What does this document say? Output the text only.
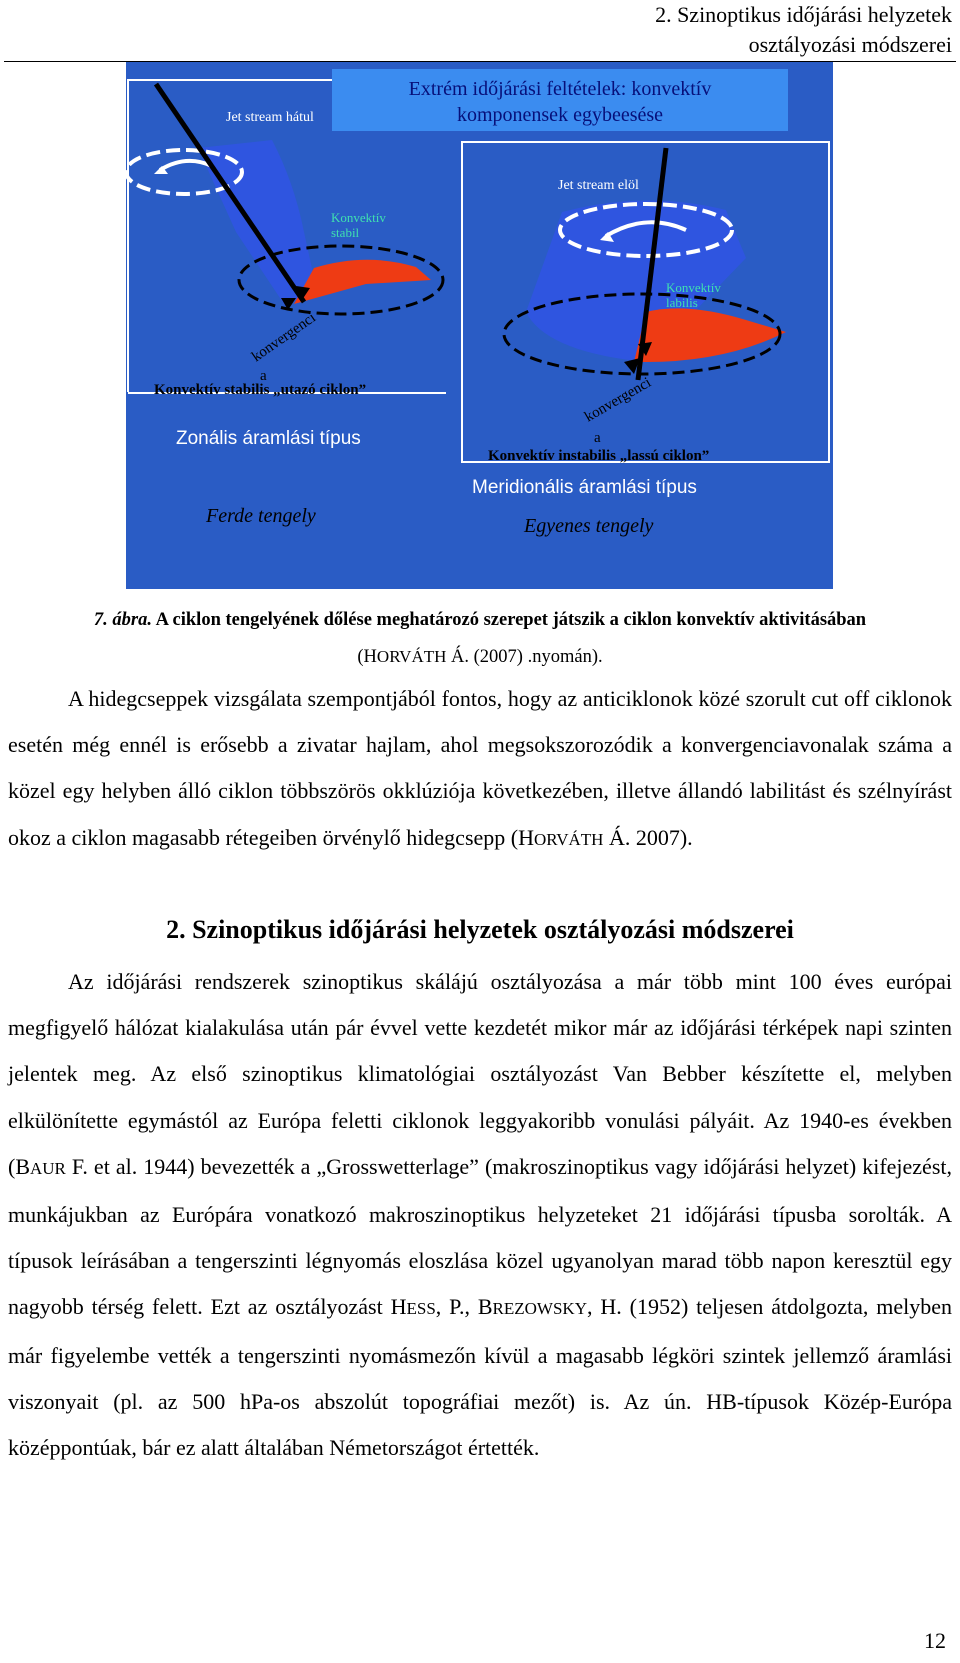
2. Szinoptikus időjárási helyzetek
osztályozási módszerei
Extrém időjárási feltételek: konvektív
komponensek egybeesése
Jet stream hátul
Konvektív
stabil
konvergenci
a
Konvektív stabilis „utazó ciklon”
Zonális áramlási típus
Ferde tengely
Jet stream elöl
Konvektív
labilis
konvergenci
a
Konvektív instabilis „lassú ciklon”
Meridionális áramlási típus
Egyenes tengely
7. ábra. A ciklon tengelyének dőlése meghatározó szerepet játszik a ciklon konvektív aktivitásában
(HORVÁTH Á. (2007) .nyomán).

A hidegcseppek vizsgálata szempontjából fontos, hogy az anticiklonok közé szorult cut off ciklonok esetén még ennél is erősebb a zivatar hajlam, ahol megsokszorozódik a konvergenciavonalak száma a közel egy helyben álló ciklon többszörös okklúziója következében, illetve állandó labilitást és szélnyírást okoz a ciklon magasabb rétegeiben örvénylő hidegcsepp (HORVÁTH Á. 2007).

2. Szinoptikus időjárási helyzetek osztályozási módszerei

Az időjárási rendszerek szinoptikus skálájú osztályozása a már több mint 100 éves európai megfigyelő hálózat kialakulása után pár évvel vette kezdetét mikor már az időjárási térképek napi szinten jelentek meg. Az első szinoptikus klimatológiai osztályozást Van Bebber készítette el, melyben elkülönítette egymástól az Európa feletti ciklonok leggyakoribb vonulási pályáit. Az 1940-es években (BAUR F. et al. 1944) bevezették a „Grosswetterlage” (makroszinoptikus vagy időjárási helyzet) kifejezést, munkájukban az Európára vonatkozó makroszinoptikus helyzeteket 21 időjárási típusba sorolták. A típusok leírásában a tengerszinti légnyomás eloszlása közel ugyanolyan marad több napon keresztül egy nagyobb térség felett. Ezt az osztályozást HESS, P., BREZOWSKY, H. (1952) teljesen átdolgozta, melyben már figyelembe vették a tengerszinti nyomásmezőn kívül a magasabb légköri szintek jellemző áramlási viszonyait (pl. az 500 hPa-os abszolút topográfiai mezőt) is. Az ún. HB-típusok Közép-Európa középpontúak, bár ez alatt általában Németországot értették.

12
